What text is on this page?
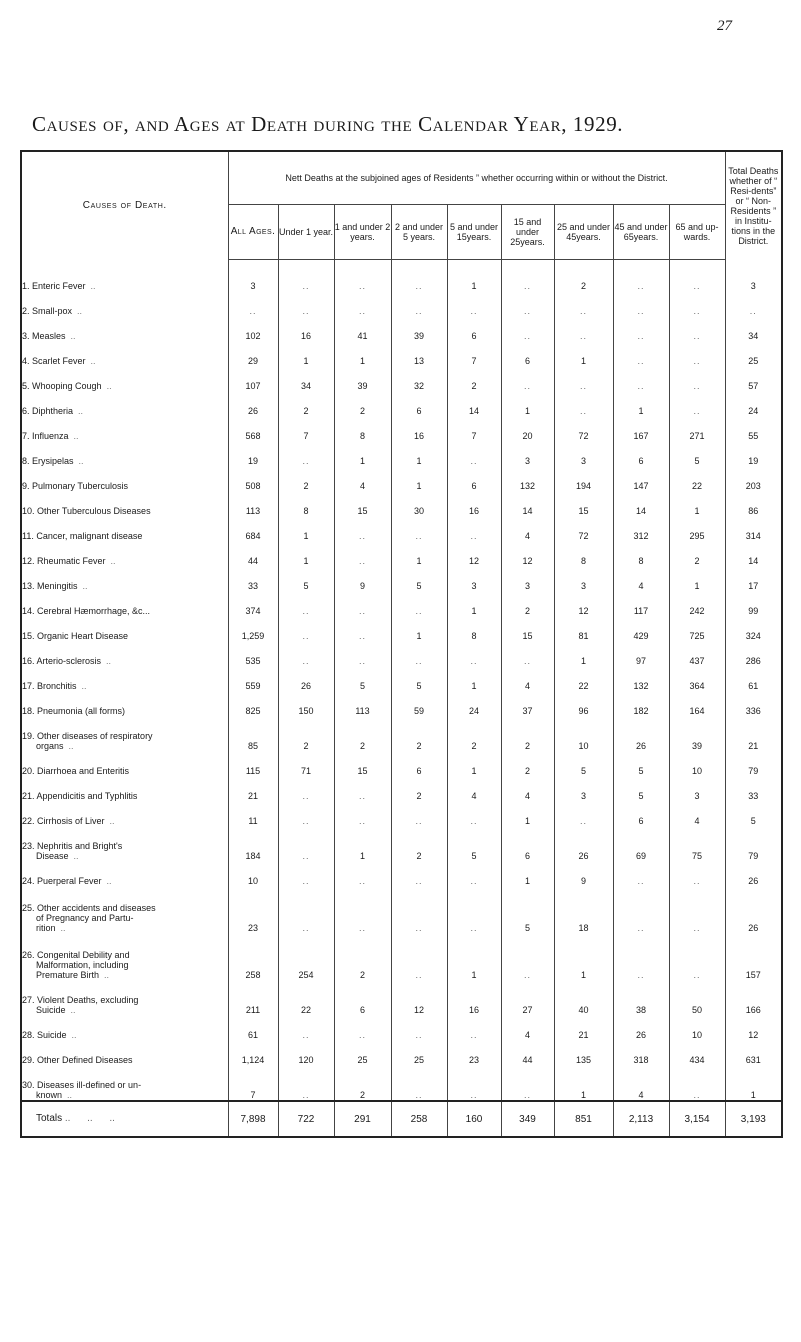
27
Causes of, and Ages at Death during the Calendar Year, 1929.
Causes of Death.	Nett Deaths at the subjoined ages of Residents ” whether occurring within or without the District.									Total Deaths whether of “ Resi-dents” or “ Non-Residents ” in Institu-tions in the District.
	All Ages.	Under 1 year.	1 and under 2 years.	2 and under 5 years.	5 and under 15years.	15 and under 25years.	25 and under 45years.	45 and under 65years.	65 and up-wards.	

1. Enteric Fever  ..	3	..	..	..	1	..	2	..	..	3

2. Small-pox  ..	..	..	..	..	..	..	..	..	..	..

3. Measles  ..	102	16	41	39	6	..	..	..	..	34

4. Scarlet Fever  ..	29	1	1	13	7	6	1	..	..	25

5. Whooping Cough  ..	107	34	39	32	2	..	..	..	..	57

6. Diphtheria  ..	26	2	2	6	14	1	..	1	..	24

7. Influenza  ..	568	7	8	16	7	20	72	167	271	55

8. Erysipelas  ..	19	..	1	1	..	3	3	6	5	19

9. Pulmonary Tuberculosis	508	2	4	1	6	132	194	147	22	203

10. Other Tuberculous Diseases	113	8	15	30	16	14	15	14	1	86

11. Cancer, malignant disease	684	1	..	..	..	4	72	312	295	314

12. Rheumatic Fever  ..	44	1	..	1	12	12	8	8	2	14

13. Meningitis  ..	33	5	9	5	3	3	3	4	1	17

14. Cerebral Hæmorrhage, &c...	374	..	..	..	1	2	12	117	242	99

15. Organic Heart Disease	1,259	..	..	1	8	15	81	429	725	324

16. Arterio-sclerosis  ..	535	..	..	..	..	..	1	97	437	286

17. Bronchitis  ..	559	26	5	5	1	4	22	132	364	61

18. Pneumonia (all forms)	825	150	113	59	24	37	96	182	164	336

19. Other diseases of respiratory
organs  ..	85	2	2	2	2	2	10	26	39	21

20. Diarrhoea and Enteritis	115	71	15	6	1	2	5	5	10	79

21. Appendicitis and Typhlitis	21	..	..	2	4	4	3	5	3	33

22. Cirrhosis of Liver  ..	11	..	..	..	..	1	..	6	4	5

23. Nephritis and Bright's
Disease  ..	184	..	1	2	5	6	26	69	75	79

24. Puerperal Fever  ..	10	..	..	..	..	1	9	..	..	26

25. Other accidents and diseases
of Pregnancy and Partu-
rition  ..	23	..	..	..	..	5	18	..	..	26

26. Congenital Debility and
Malformation, including
Premature Birth  ..	258	254	2	..	1	..	1	..	..	157

27. Violent Deaths, excluding
Suicide  ..	211	22	6	12	16	27	40	38	50	166

28. Suicide  ..	61	..	..	..	..	4	21	26	10	12

29. Other Defined Diseases	1,124	120	25	25	23	44	135	318	434	631

30. Diseases ill-defined or un-
known  ..	7	..	2	..	..	..	1	4	..	1
Totals ..      ..      ..	7,898	722	291	258	160	349	851	2,113	3,154	3,193
